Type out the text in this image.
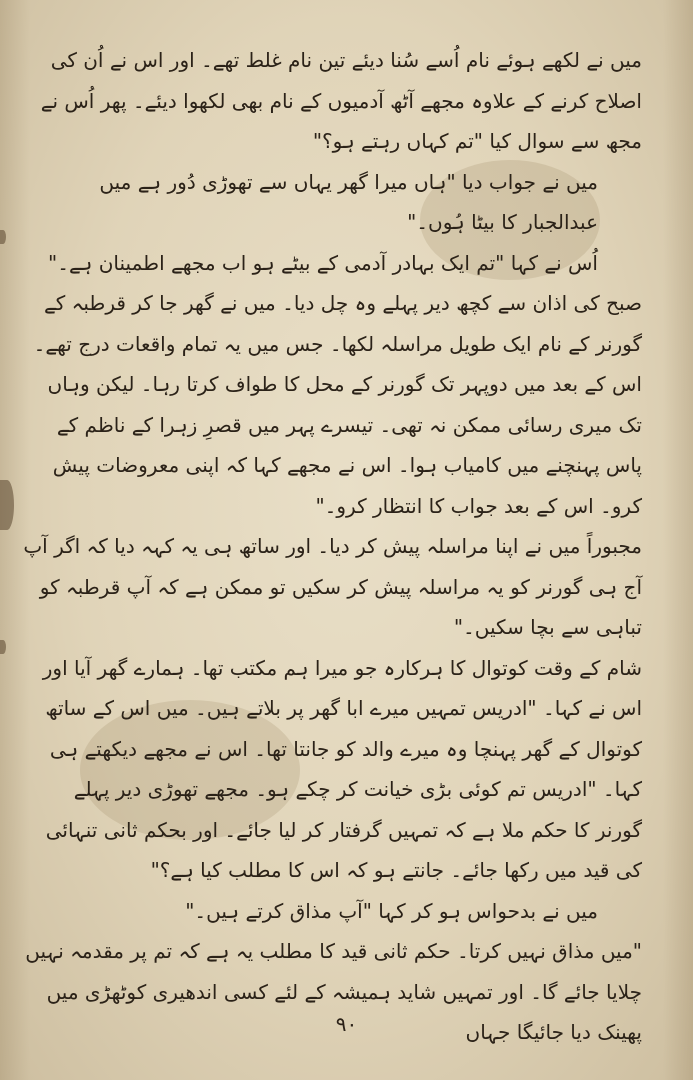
میں نے لکھے ہوئے نام اُسے سُنا دیئے تین نام غلط تھے۔ اور اس نے اُن کی اصلاح کرنے کے علاوہ مجھے آٹھ آدمیوں کے نام بھی لکھوا دیئے۔ پھر اُس نے مجھ سے سوال کیا "تم کہاں رہتے ہو؟"

میں نے جواب دیا "ہاں میرا گھر یہاں سے تھوڑی دُور ہے میں عبدالجبار کا بیٹا ہُوں۔"

اُس نے کہا "تم ایک بہادر آدمی کے بیٹے ہو اب مجھے اطمینان ہے۔"

صبح کی اذان سے کچھ دیر پہلے وہ چل دیا۔ میں نے گھر جا کر قرطبہ کے گورنر کے نام ایک طویل مراسلہ لکھا۔ جس میں یہ تمام واقعات درج تھے۔ اس کے بعد میں دوپہر تک گورنر کے محل کا طواف کرتا رہا۔ لیکن وہاں تک میری رسائی ممکن نہ تھی۔ تیسرے پہر میں قصرِ زہرا کے ناظم کے پاس پہنچنے میں کامیاب ہوا۔ اس نے مجھے کہا کہ اپنی معروضات پیش کرو۔ اس کے بعد جواب کا انتظار کرو۔"

مجبوراً میں نے اپنا مراسلہ پیش کر دیا۔ اور ساتھ ہی یہ کہہ دیا کہ اگر آپ آج ہی گورنر کو یہ مراسلہ پیش کر سکیں تو ممکن ہے کہ آپ قرطبہ کو تباہی سے بچا سکیں۔"

شام کے وقت کوتوال کا ہرکارہ جو میرا ہم مکتب تھا۔ ہمارے گھر آیا اور اس نے کہا۔ "ادریس تمہیں میرے ابا گھر پر بلاتے ہیں۔ میں اس کے ساتھ کوتوال کے گھر پہنچا وہ میرے والد کو جانتا تھا۔ اس نے مجھے دیکھتے ہی کہا۔ "ادریس تم کوئی بڑی خیانت کر چکے ہو۔ مجھے تھوڑی دیر پہلے گورنر کا حکم ملا ہے کہ تمہیں گرفتار کر لیا جائے۔ اور بحکم ثانی تنہائی کی قید میں رکھا جائے۔ جانتے ہو کہ اس کا مطلب کیا ہے؟"

میں نے بدحواس ہو کر کہا "آپ مذاق کرتے ہیں۔"

"میں مذاق نہیں کرتا۔ حکم ثانی قید کا مطلب یہ ہے کہ تم پر مقدمہ نہیں چلایا جائے گا۔ اور تمہیں شاید ہمیشہ کے لئے کسی اندھیری کوٹھڑی میں پھینک دیا جائیگا جہاں

۹۰
